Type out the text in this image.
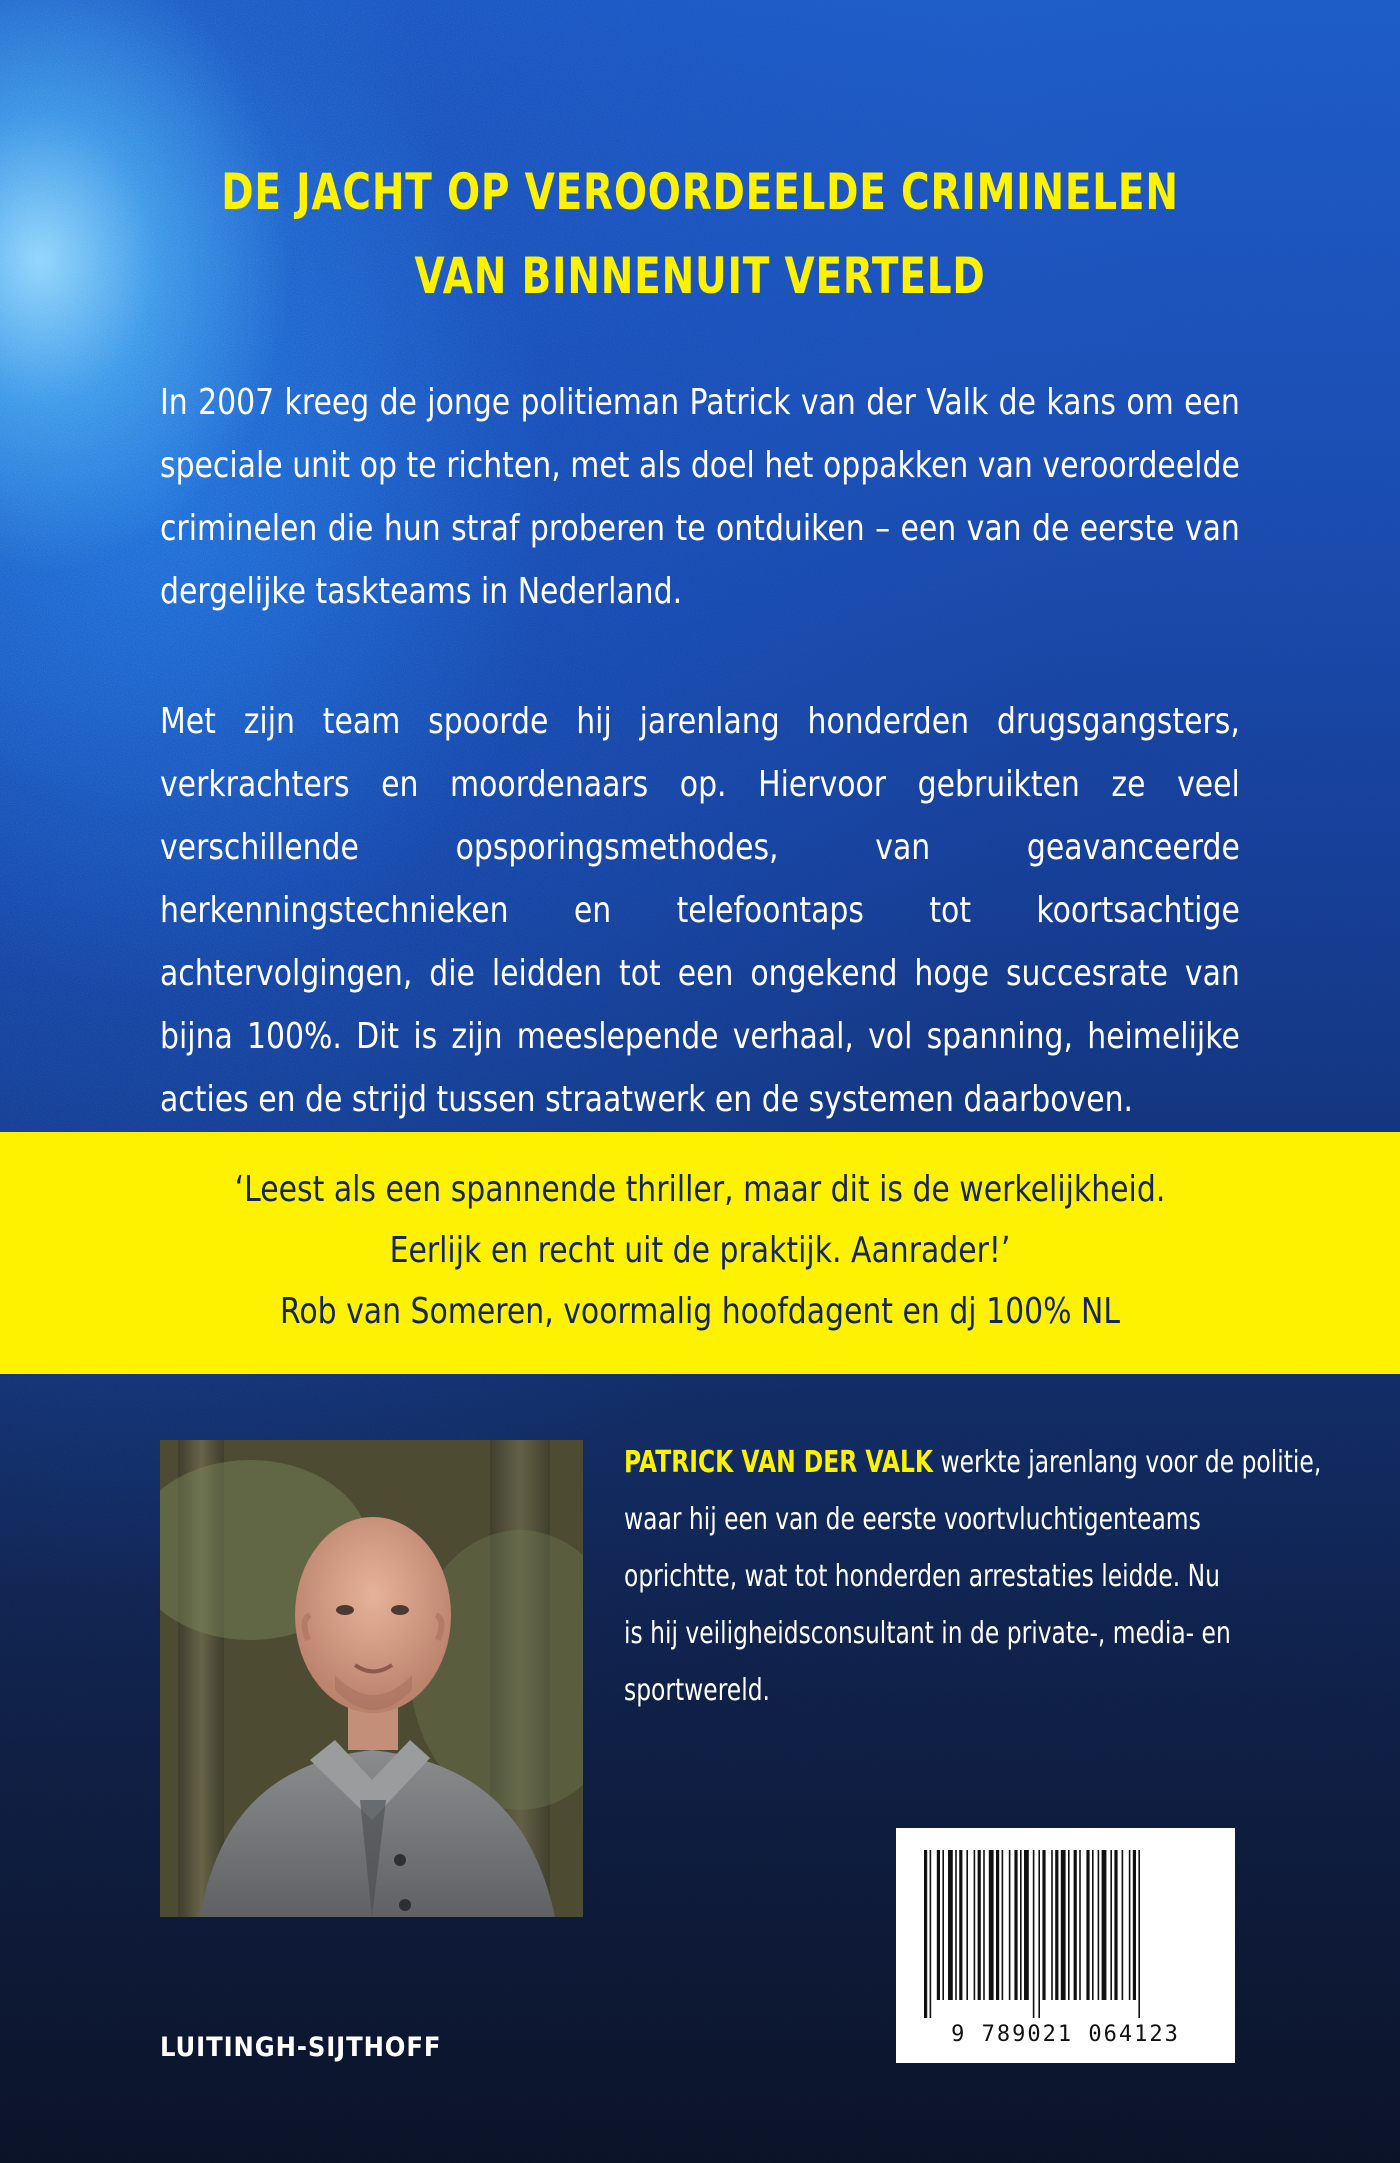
DE JACHT OP VEROORDEELDE CRIMINELEN
VAN BINNENUIT VERTELD
In 2007 kreeg de jonge politieman Patrick van der Valk de kans om een speciale unit op te richten, met als doel het oppakken van veroordeelde criminelen die hun straf proberen te ontduiken – een van de eerste van dergelijke taskteams in Nederland.
Met zijn team spoorde hij jarenlang honderden drugsgangsters, verkrachters en moordenaars op. Hiervoor gebruikten ze veel verschillende opsporingsmethodes, van geavanceerde herkenningstechnieken en telefoontaps tot koortsachtige achtervolgingen, die leidden tot een ongekend hoge succesrate van bijna 100%. Dit is zijn meeslepende verhaal, vol spanning, heimelijke acties en de strijd tussen straatwerk en de systemen daarboven.
‘Leest als een spannende thriller, maar dit is de werkelijkheid.
Eerlijk en recht uit de praktijk. Aanrader!’
Rob van Someren, voormalig hoofdagent en dj 100% NL
PATRICK VAN DER VALK werkte jarenlang voor de politie,
waar hij een van de eerste voortvluchtigenteams
oprichtte, wat tot honderden arrestaties leidde. Nu
is hij veiligheidsconsultant in de private-, media- en
sportwereld.
9 789021 064123
LUITINGH-SIJTHOFF
